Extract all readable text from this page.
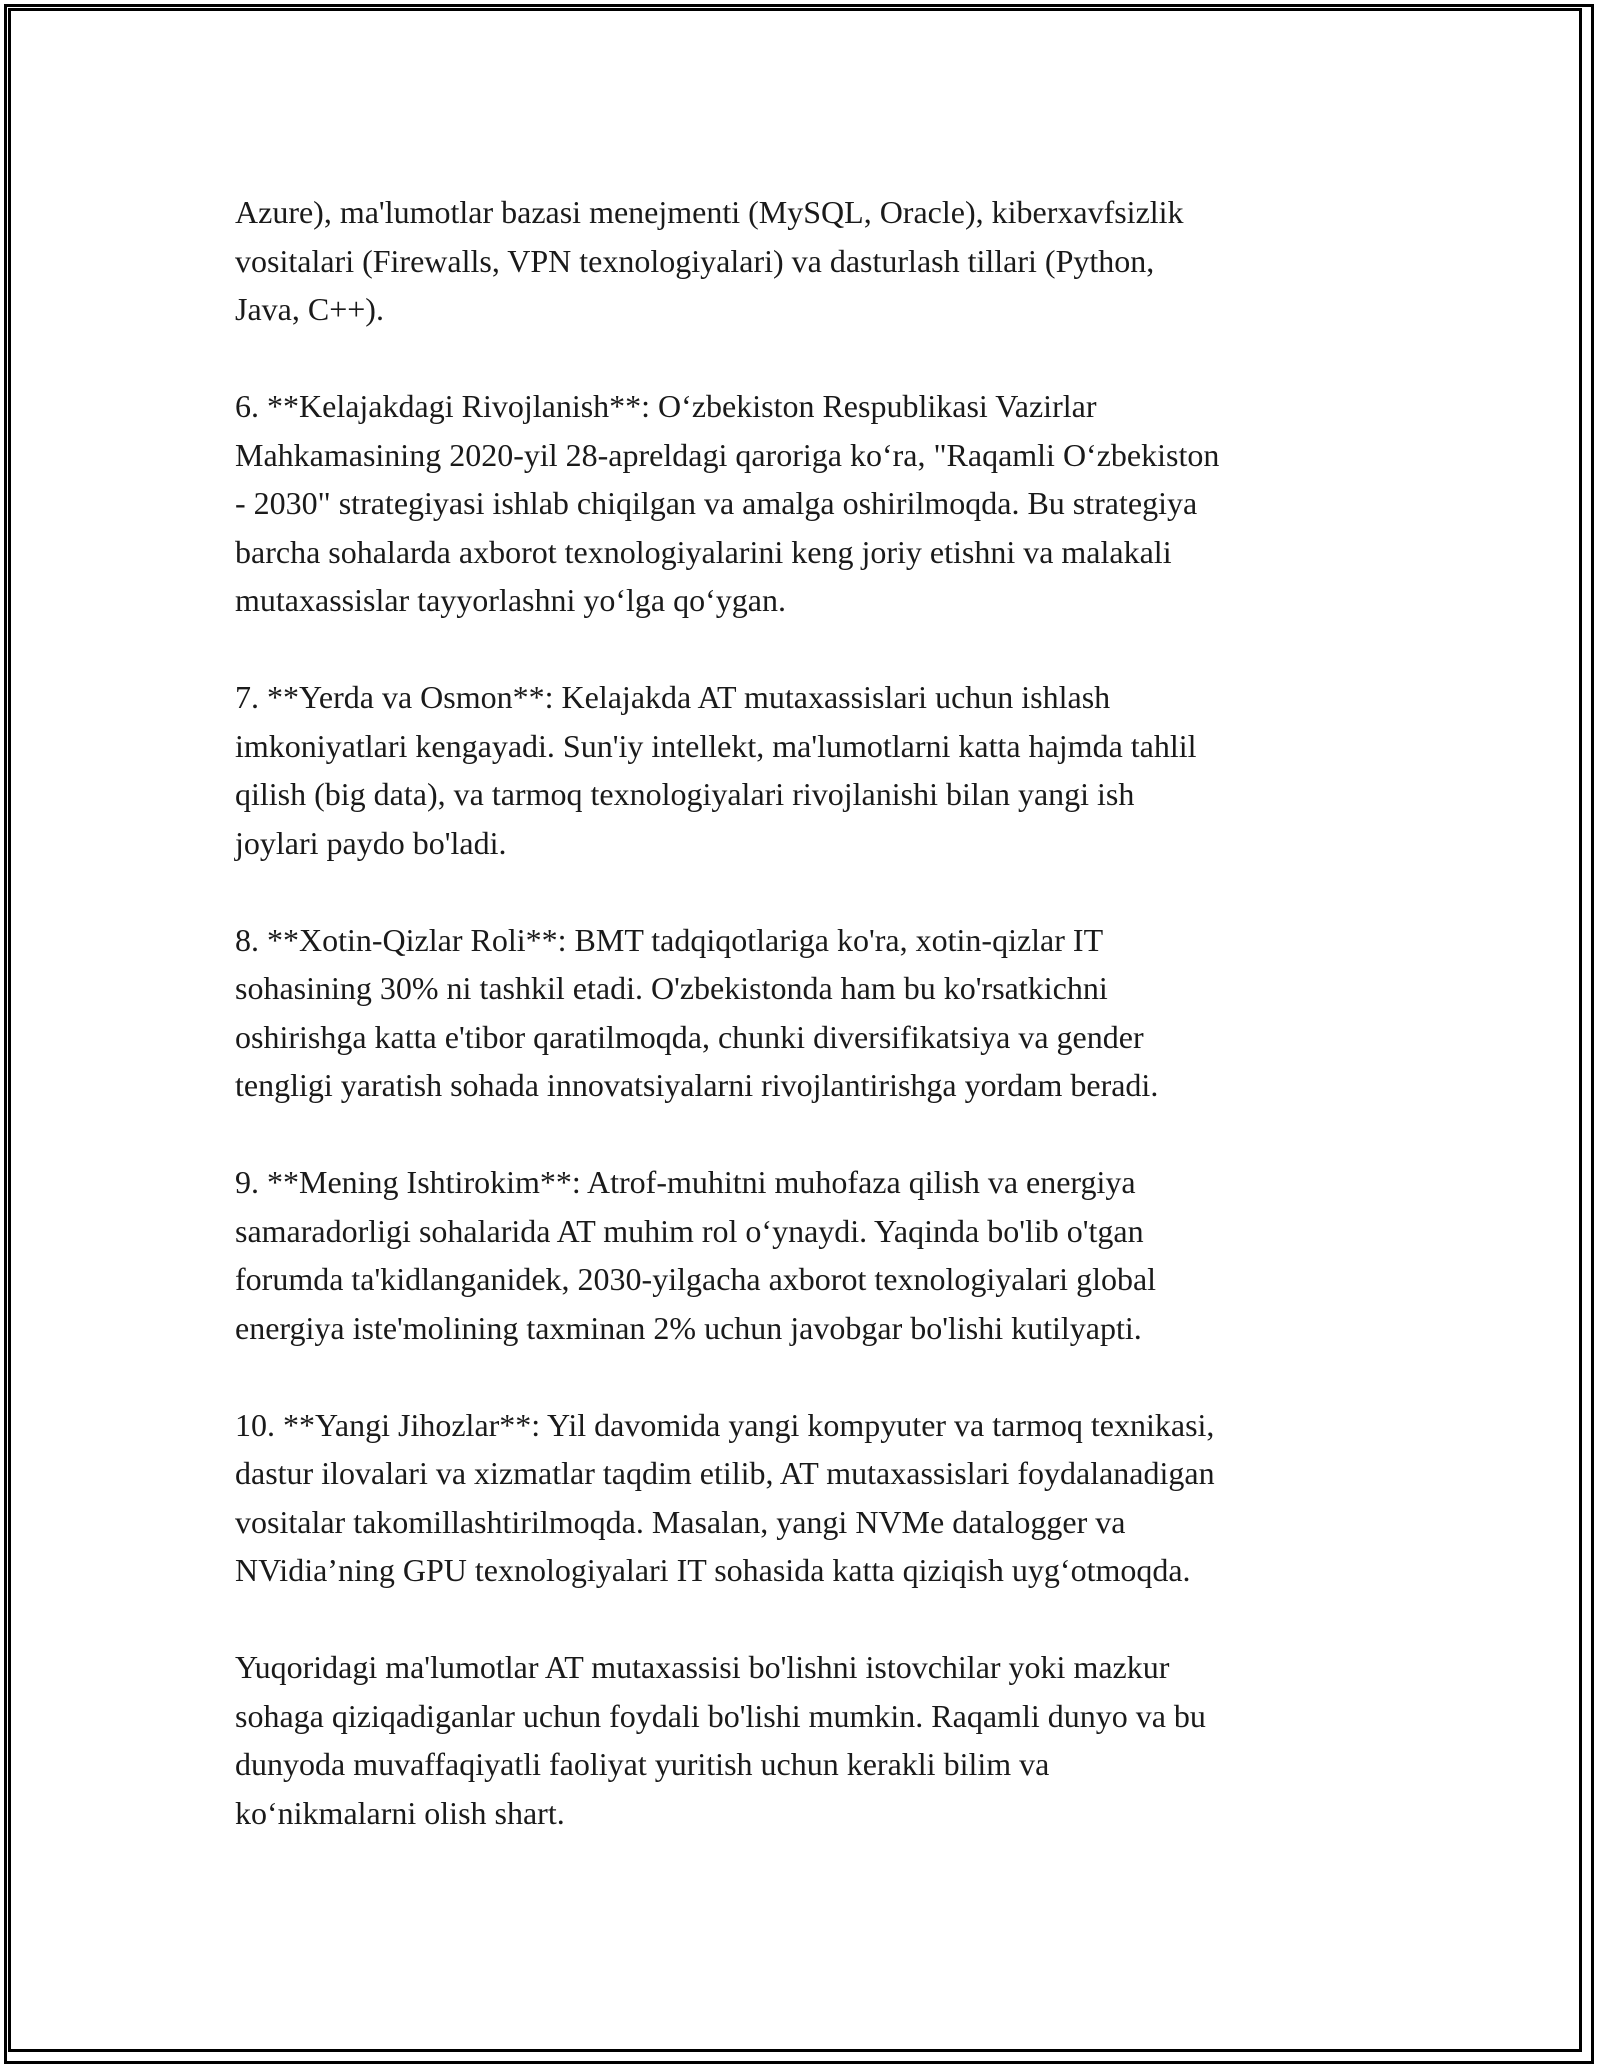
Azure), ma'lumotlar bazasi menejmenti (MySQL, Oracle), kiberxavfsizlik
vositalari (Firewalls, VPN texnologiyalari) va dasturlash tillari (Python,
Java, C++).

6. **Kelajakdagi Rivojlanish**: O‘zbekiston Respublikasi Vazirlar
Mahkamasining 2020-yil 28-apreldagi qaroriga ko‘ra, "Raqamli O‘zbekiston
- 2030" strategiyasi ishlab chiqilgan va amalga oshirilmoqda. Bu strategiya
barcha sohalarda axborot texnologiyalarini keng joriy etishni va malakali
mutaxassislar tayyorlashni yo‘lga qo‘ygan.

7. **Yerda va Osmon**: Kelajakda AT mutaxassislari uchun ishlash
imkoniyatlari kengayadi. Sun'iy intellekt, ma'lumotlarni katta hajmda tahlil
qilish (big data), va tarmoq texnologiyalari rivojlanishi bilan yangi ish
joylari paydo bo'ladi.

8. **Xotin-Qizlar Roli**: BMT tadqiqotlariga ko'ra, xotin-qizlar IT
sohasining 30% ni tashkil etadi. O'zbekistonda ham bu ko'rsatkichni
oshirishga katta e'tibor qaratilmoqda, chunki diversifikatsiya va gender
tengligi yaratish sohada innovatsiyalarni rivojlantirishga yordam beradi.

9. **Mening Ishtirokim**: Atrof-muhitni muhofaza qilish va energiya
samaradorligi sohalarida AT muhim rol o‘ynaydi. Yaqinda bo'lib o'tgan
forumda ta'kidlanganidek, 2030-yilgacha axborot texnologiyalari global
energiya iste'molining taxminan 2% uchun javobgar bo'lishi kutilyapti.

10. **Yangi Jihozlar**: Yil davomida yangi kompyuter va tarmoq texnikasi,
dastur ilovalari va xizmatlar taqdim etilib, AT mutaxassislari foydalanadigan
vositalar takomillashtirilmoqda. Masalan, yangi NVMe datalogger va
NVidia’ning GPU texnologiyalari IT sohasida katta qiziqish uyg‘otmoqda.

Yuqoridagi ma'lumotlar AT mutaxassisi bo'lishni istovchilar yoki mazkur
sohaga qiziqadiganlar uchun foydali bo'lishi mumkin. Raqamli dunyo va bu
dunyoda muvaffaqiyatli faoliyat yuritish uchun kerakli bilim va
ko‘nikmalarni olish shart.
